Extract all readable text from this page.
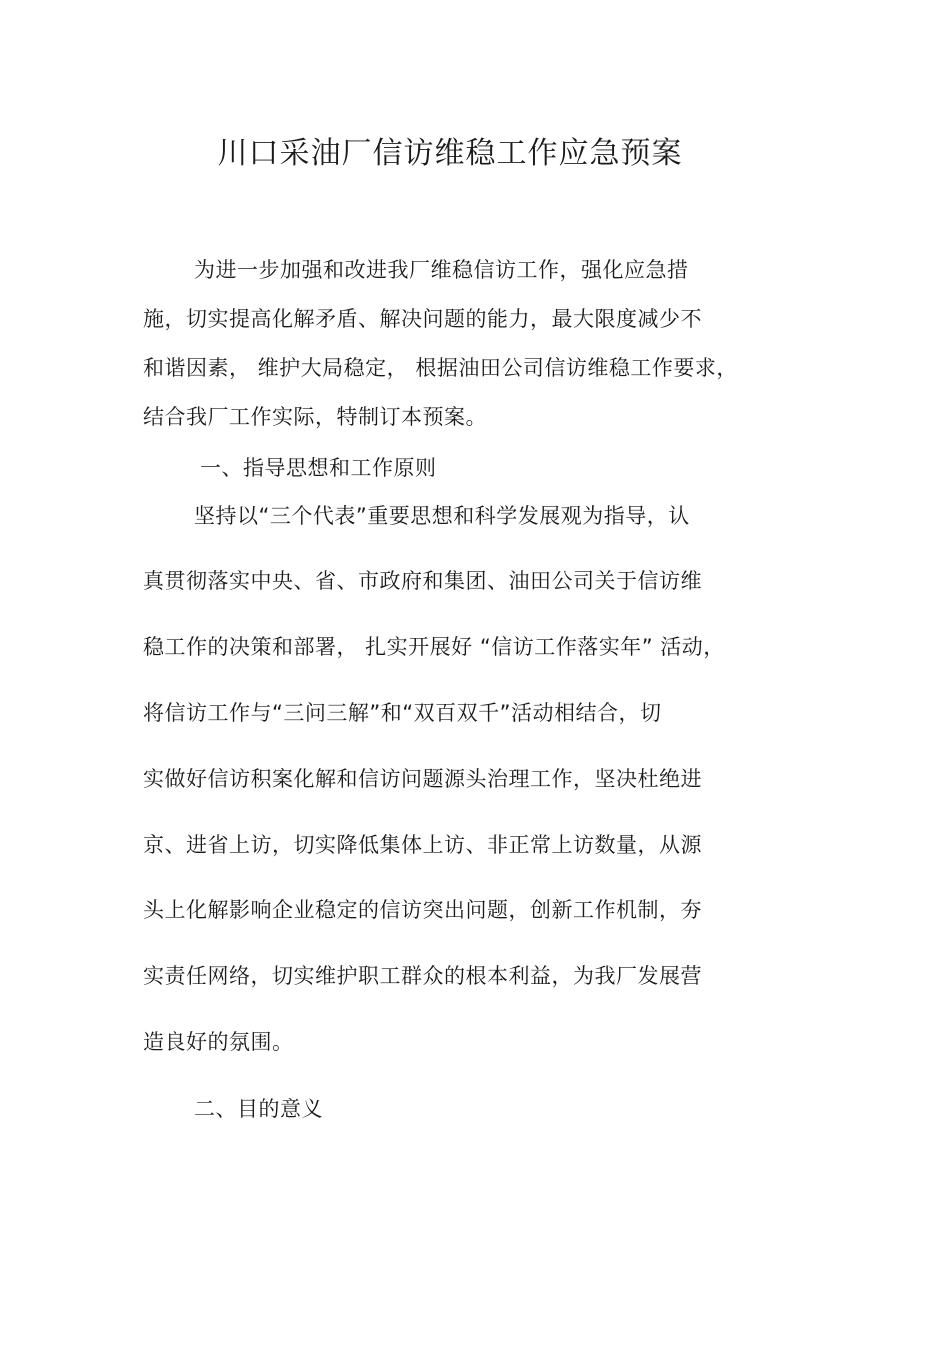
川口采油厂信访维稳工作应急预案
为进一步加强和改进我厂维稳信访工作，强化应急措
施，切实提高化解矛盾、解决问题的能力，最大限度减少不
和谐因素， 维护大局稳定， 根据油田公司信访维稳工作要求，
结合我厂工作实际，特制订本预案。
一、指导思想和工作原则
坚持以“三个代表”重要思想和科学发展观为指导，认
真贯彻落实中央、省、市政府和集团、油田公司关于信访维
稳工作的决策和部署， 扎实开展好 “信访工作落实年” 活动，
将信访工作与“三问三解”和“双百双千”活动相结合，切
实做好信访积案化解和信访问题源头治理工作，坚决杜绝进
京、进省上访，切实降低集体上访、非正常上访数量，从源
头上化解影响企业稳定的信访突出问题，创新工作机制，夯
实责任网络，切实维护职工群众的根本利益，为我厂发展营
造良好的氛围。
二、目的意义
